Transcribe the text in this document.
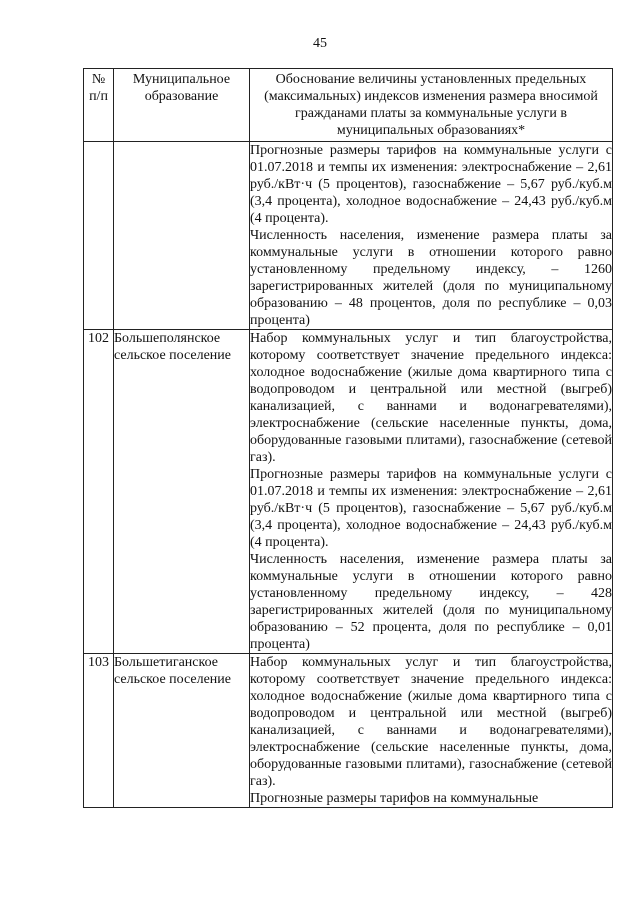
45
№ п/п	Муниципальное образование	Обоснование величины установленных предельных (максимальных) индексов изменения размера вносимой гражданами платы за коммунальные услуги в муниципальных образованиях*

		Прогнозные размеры тарифов на коммунальные услуги с 01.07.2018 и темпы их изменения: электроснабжение – 2,61 руб./кВт·ч (5 процентов), газоснабжение – 5,67 руб./куб.м (3,4 процента), холодное водоснабжение – 24,43 руб./куб.м (4 процента).

Численность населения, изменение размера платы за коммунальные услуги в отношении которого равно установленному предельному индексу, – 1260 зарегистрированных жителей (доля по муниципальному образованию – 48 процентов, доля по республике – 0,03 процента)

102	Большеполянское сельское поселение	Набор коммунальных услуг и тип благоустройства, которому соответствует значение предельного индекса: холодное водоснабжение (жилые дома квартирного типа с водопроводом и центральной или местной (выгреб) канализацией, с ваннами и водонагревателями), электроснабжение (сельские населенные пункты, дома, оборудованные газовыми плитами), газоснабжение (сетевой газ).

Прогнозные размеры тарифов на коммунальные услуги с 01.07.2018 и темпы их изменения: электроснабжение – 2,61 руб./кВт·ч (5 процентов), газоснабжение – 5,67 руб./куб.м (3,4 процента), холодное водоснабжение – 24,43 руб./куб.м (4 процента).

Численность населения, изменение размера платы за коммунальные услуги в отношении которого равно установленному предельному индексу, – 428 зарегистрированных жителей (доля по муниципальному образованию – 52 процента, доля по республике – 0,01 процента)

103	Большетиганское сельское поселение	Набор коммунальных услуг и тип благоустройства, которому соответствует значение предельного индекса: холодное водоснабжение (жилые дома квартирного типа с водопроводом и центральной или местной (выгреб) канализацией, с ваннами и водонагревателями), электроснабжение (сельские населенные пункты, дома, оборудованные газовыми плитами), газоснабжение (сетевой газ).

Прогнозные размеры тарифов на коммунальные
